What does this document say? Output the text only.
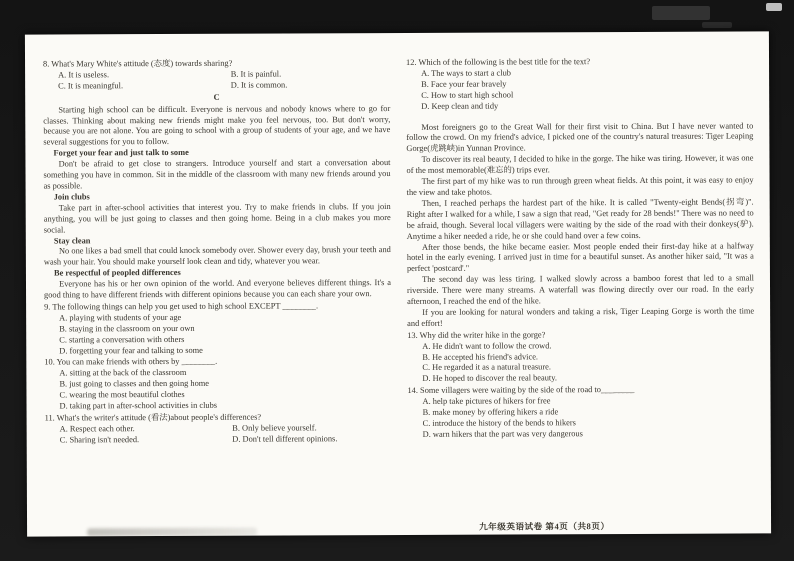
8. What's Mary White's attitude (态度) towards sharing?
A. It is useless.	B. It is painful.
C. It is meaningful.	D. It is common.
C

Starting high school can be difficult. Everyone is nervous and nobody knows where to go for classes. Thinking about making new friends might make you feel nervous, too. But don't worry, because you are not alone. You are going to school with a group of students of your age, and we have several suggestions for you to follow.

Forget your fear and just talk to some

Don't be afraid to get close to strangers. Introduce yourself and start a conversation about something you have in common. Sit in the middle of the classroom with many new friends around you as possible.

Join clubs

Take part in after-school activities that interest you. Try to make friends in clubs. If you join anything, you will be just going to classes and then going home. Being in a club makes you more social.

Stay clean

No one likes a bad smell that could knock somebody over. Shower every day, brush your teeth and wash your hair. You should make yourself look clean and tidy, whatever you wear.

Be respectful of peopled differences

Everyone has his or her own opinion of the world. And everyone believes different things. It's a good thing to have different friends with different opinions because you can each share your own.

9. The following things can help you get used to high school EXCEPT ________.
A. playing with students of your age
B. staying in the classroom on your own
C. starting a conversation with others
D. forgetting your fear and talking to some
10. You can make friends with others by ________.
A. sitting at the back of the classroom
B. just going to classes and then going home
C. wearing the most beautiful clothes
D. taking part in after-school activities in clubs
11. What's the writer's attitude (看法)about people's differences?
A. Respect each other.	B. Only believe yourself.
C. Sharing isn't needed.	D. Don't tell different opinions.
12. Which of the following is the best title for the text?
A. The ways to start a club
B. Face your fear bravely
C. How to start high school
D. Keep clean and tidy

Most foreigners go to the Great Wall for their first visit to China. But I have never wanted to follow the crowd. On my friend's advice, I picked one of the country's natural treasures: Tiger Leaping Gorge(虎跳峡)in Yunnan Province.

To discover its real beauty, I decided to hike in the gorge. The hike was tiring. However, it was one of the most memorable(难忘的) trips ever.

The first part of my hike was to run through green wheat fields. At this point, it was easy to enjoy the view and take photos.

Then, I reached perhaps the hardest part of the hike. It is called "Twenty-eight Bends(拐弯)". Right after I walked for a while, I saw a sign that read, "Get ready for 28 bends!" There was no need to be afraid, though. Several local villagers were waiting by the side of the road with their donkeys(驴). Anytime a hiker needed a ride, he or she could hand over a few coins.

After those bends, the hike became easier. Most people ended their first-day hike at a halfway hotel in the early evening. I arrived just in time for a beautiful sunset. As another hiker said, "It was a perfect 'postcard'."

The second day was less tiring. I walked slowly across a bamboo forest that led to a small riverside. There were many streams. A waterfall was flowing directly over our road. In the early afternoon, I reached the end of the hike.

If you are looking for natural wonders and taking a risk, Tiger Leaping Gorge is worth the time and effort!

13. Why did the writer hike in the gorge?
A. He didn't want to follow the crowd.
B. He accepted his friend's advice.
C. He regarded it as a natural treasure.
D. He hoped to discover the real beauty.
14. Some villagers were waiting by the side of the road to________
A. help take pictures of hikers for free
B. make money by offering hikers a ride
C. introduce the history of the bends to hikers
D. warn hikers that the part was very dangerous
九年级英语试卷 第4页（共8页）
